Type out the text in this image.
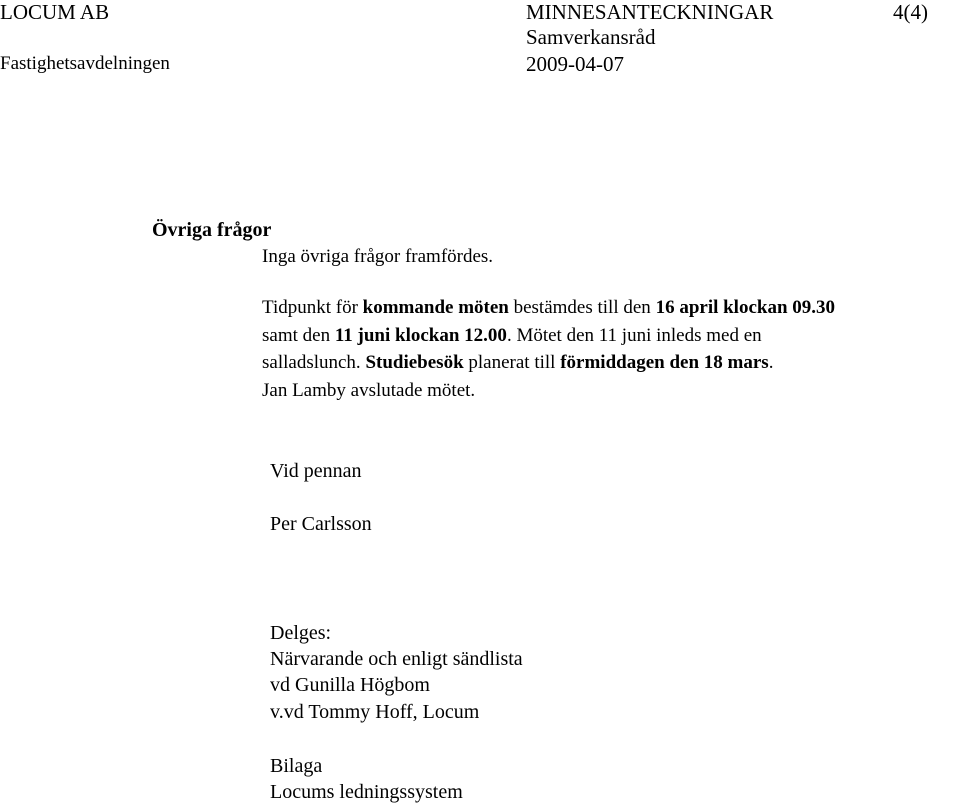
LOCUM AB
Fastighetsavdelningen
MINNESANTECKNINGAR
Samverkansråd
2009-04-07
4(4)
Övriga frågor
Inga övriga frågor framfördes.
Tidpunkt för kommande möten bestämdes till den 16 april klockan 09.30
samt den 11 juni klockan 12.00. Mötet den 11 juni inleds med en
salladslunch. Studiebesök planerat till förmiddagen den 18 mars.
Jan Lamby avslutade mötet.
Vid pennan
Per Carlsson
Delges:
Närvarande och enligt sändlista
vd Gunilla Högbom
v.vd Tommy Hoff, Locum
Bilaga
Locums ledningssystem
